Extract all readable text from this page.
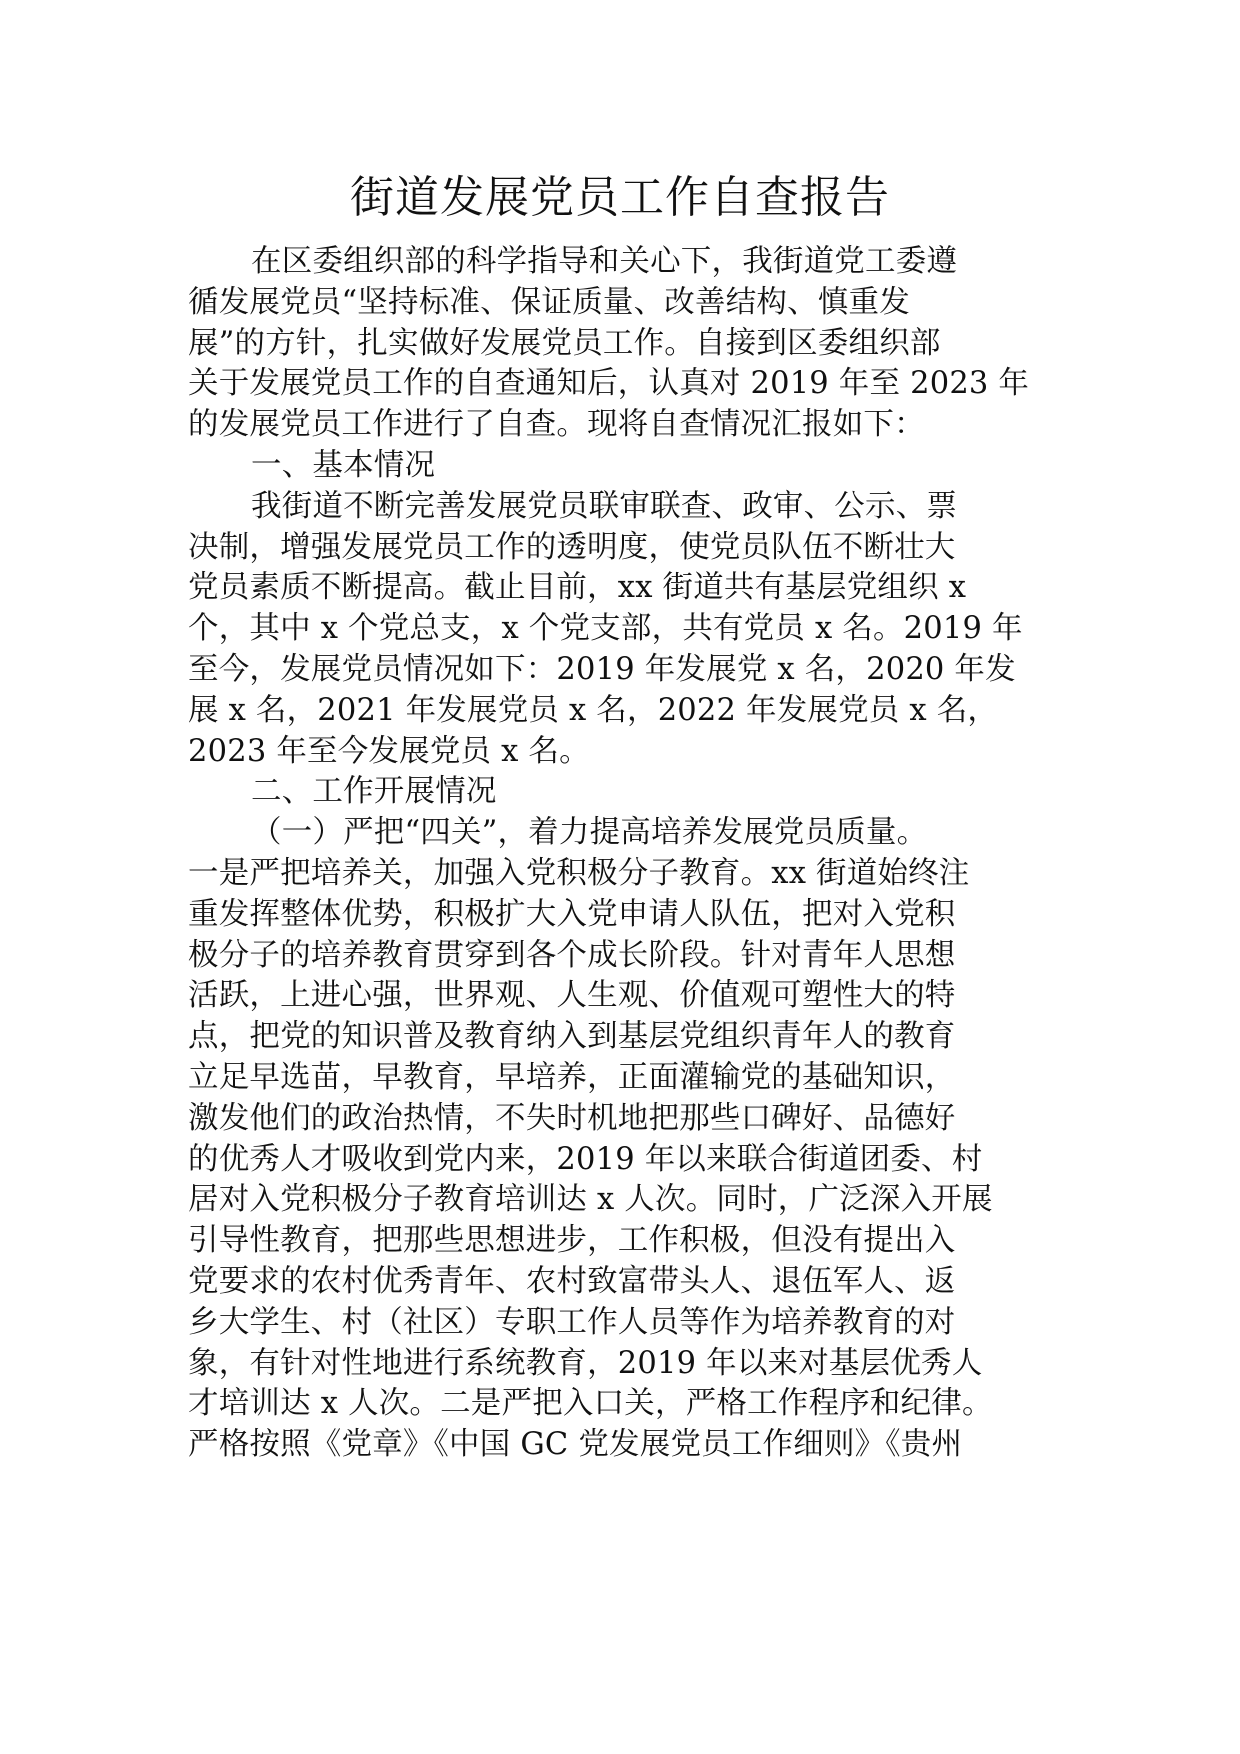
街道发展党员工作自查报告
在区委组织部的科学指导和关心下，我街道党工委遵
循发展党员“坚持标准、保证质量、改善结构、慎重发
展”的方针，扎实做好发展党员工作。自接到区委组织部
关于发展党员工作的自查通知后，认真对 2019 年至 2023 年
的发展党员工作进行了自查。现将自查情况汇报如下：
一、基本情况
我街道不断完善发展党员联审联查、政审、公示、票
决制，增强发展党员工作的透明度，使党员队伍不断壮大
党员素质不断提高。截止目前，xx 街道共有基层党组织 x
个，其中 x 个党总支，x 个党支部，共有党员 x 名。2019 年
至今，发展党员情况如下：2019 年发展党 x 名，2020 年发
展 x 名，2021 年发展党员 x 名，2022 年发展党员 x 名，
2023 年至今发展党员 x 名。
二、工作开展情况
（一）严把“四关”，着力提高培养发展党员质量。
一是严把培养关，加强入党积极分子教育。xx 街道始终注
重发挥整体优势，积极扩大入党申请人队伍，把对入党积
极分子的培养教育贯穿到各个成长阶段。针对青年人思想
活跃，上进心强，世界观、人生观、价值观可塑性大的特
点，把党的知识普及教育纳入到基层党组织青年人的教育
立足早选苗，早教育，早培养，正面灌输党的基础知识，
激发他们的政治热情，不失时机地把那些口碑好、品德好
的优秀人才吸收到党内来，2019 年以来联合街道团委、村
居对入党积极分子教育培训达 x 人次。同时，广泛深入开展
引导性教育，把那些思想进步，工作积极，但没有提出入
党要求的农村优秀青年、农村致富带头人、退伍军人、返
乡大学生、村（社区）专职工作人员等作为培养教育的对
象，有针对性地进行系统教育，2019 年以来对基层优秀人
才培训达 x 人次。二是严把入口关，严格工作程序和纪律。
严格按照《党章》《中国 GC 党发展党员工作细则》《贵州
